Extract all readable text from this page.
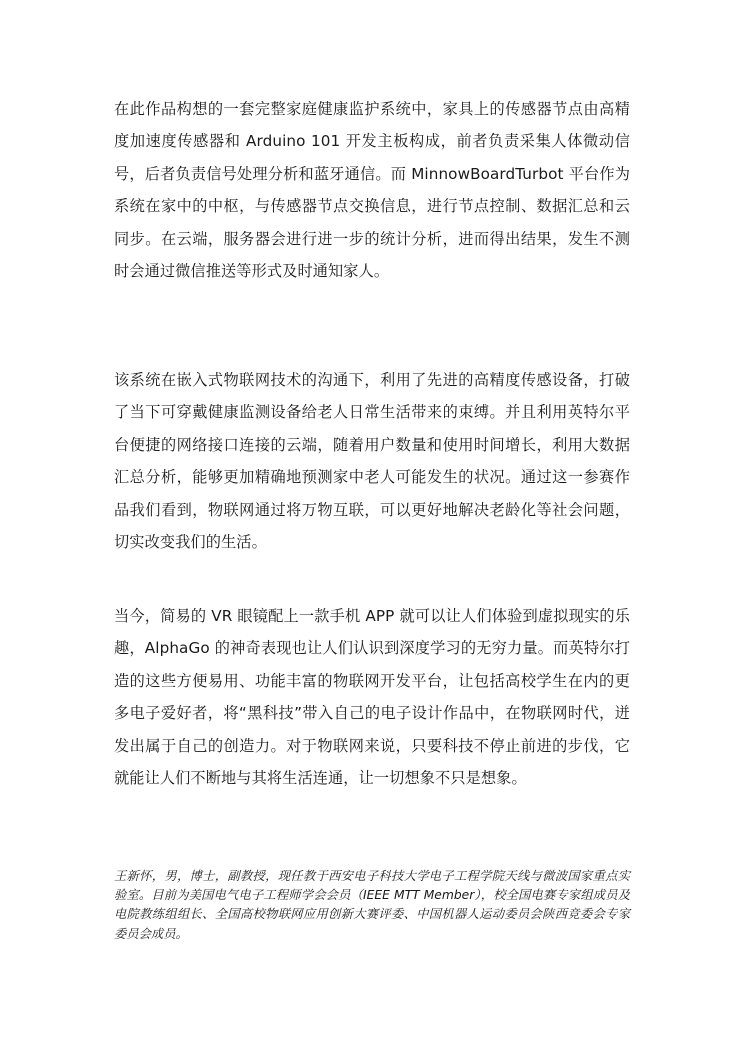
在此作品构想的一套完整家庭健康监护系统中，家具上的传感器节点由高精度加速度传感器和 Arduino 101 开发主板构成，前者负责采集人体微动信号，后者负责信号处理分析和蓝牙通信。而 MinnowBoardTurbot 平台作为系统在家中的中枢，与传感器节点交换信息，进行节点控制、数据汇总和云同步。在云端，服务器会进行进一步的统计分析，进而得出结果，发生不测时会通过微信推送等形式及时通知家人。

该系统在嵌入式物联网技术的沟通下，利用了先进的高精度传感设备，打破了当下可穿戴健康监测设备给老人日常生活带来的束缚。并且利用英特尔平台便捷的网络接口连接的云端，随着用户数量和使用时间增长，利用大数据汇总分析，能够更加精确地预测家中老人可能发生的状况。通过这一参赛作品我们看到，物联网通过将万物互联，可以更好地解决老龄化等社会问题，切实改变我们的生活。

当今，简易的 VR 眼镜配上一款手机 APP 就可以让人们体验到虚拟现实的乐趣，AlphaGo 的神奇表现也让人们认识到深度学习的无穷力量。而英特尔打造的这些方便易用、功能丰富的物联网开发平台，让包括高校学生在内的更多电子爱好者，将“黑科技”带入自己的电子设计作品中，在物联网时代，迸发出属于自己的创造力。对于物联网来说，只要科技不停止前进的步伐，它就能让人们不断地与其将生活连通，让一切想象不只是想象。

王新怀，男，博士，副教授，现任教于西安电子科技大学电子工程学院天线与微波国家重点实验室。目前为美国电气电子工程师学会会员（IEEE MTT Member），校全国电赛专家组成员及电院教练组组长、全国高校物联网应用创新大赛评委、中国机器人运动委员会陕西竞委会专家委员会成员。
